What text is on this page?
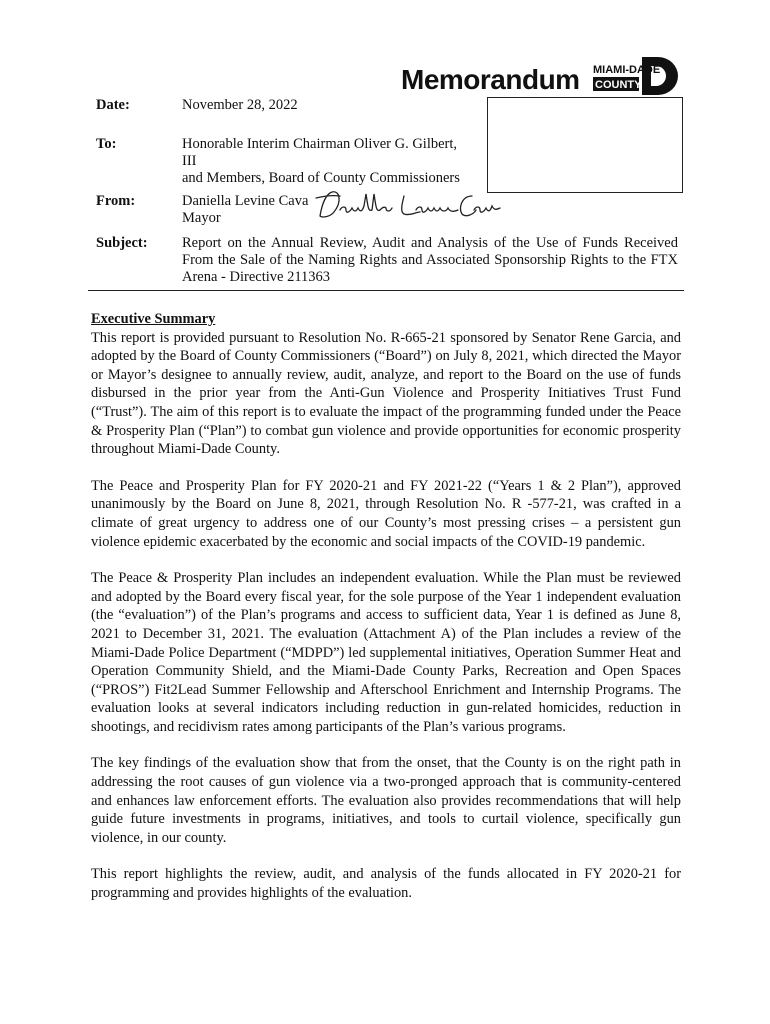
Memorandum MIAMI-DADE
COUNTY
Date:	November 28, 2022
To:	Honorable Interim Chairman Oliver G. Gilbert,
III
and Members, Board of County Commissioners
From:	Daniella Levine Cava
Mayor
Subject: Report on the Annual Review, Audit and Analysis of the Use of Funds Received From the Sale of the Naming Rights and Associated Sponsorship Rights to the FTX Arena - Directive 211363

Executive Summary
This report is provided pursuant to Resolution No. R-665-21 sponsored by Senator Rene Garcia, and adopted by the Board of County Commissioners (“Board”) on July 8, 2021, which directed the Mayor or Mayor’s designee to annually review, audit, analyze, and report to the Board on the use of funds disbursed in the prior year from the Anti-Gun Violence and Prosperity Initiatives Trust Fund (“Trust”). The aim of this report is to evaluate the impact of the programming funded under the Peace & Prosperity Plan (“Plan”) to combat gun violence and provide opportunities for economic prosperity throughout Miami-Dade County.

The Peace and Prosperity Plan for FY 2020-21 and FY 2021-22 (“Years 1 & 2 Plan”), approved unanimously by the Board on June 8, 2021, through Resolution No. R -577-21, was crafted in a climate of great urgency to address one of our County’s most pressing crises – a persistent gun violence epidemic exacerbated by the economic and social impacts of the COVID-19 pandemic.

The Peace & Prosperity Plan includes an independent evaluation. While the Plan must be reviewed and adopted by the Board every fiscal year, for the sole purpose of the Year 1 independent evaluation (the “evaluation”) of the Plan’s programs and access to sufficient data, Year 1 is defined as June 8, 2021 to December 31, 2021. The evaluation (Attachment A) of the Plan includes a review of the Miami-Dade Police Department (“MDPD”) led supplemental initiatives, Operation Summer Heat and Operation Community Shield, and the Miami-Dade County Parks, Recreation and Open Spaces (“PROS”) Fit2Lead Summer Fellowship and Afterschool Enrichment and Internship Programs. The evaluation looks at several indicators including reduction in gun-related homicides, reduction in shootings, and recidivism rates among participants of the Plan’s various programs.

The key findings of the evaluation show that from the onset, that the County is on the right path in addressing the root causes of gun violence via a two-pronged approach that is community-centered and enhances law enforcement efforts. The evaluation also provides recommendations that will help guide future investments in programs, initiatives, and tools to curtail violence, specifically gun violence, in our county.

This report highlights the review, audit, and analysis of the funds allocated in FY 2020-21 for programming and provides highlights of the evaluation.
